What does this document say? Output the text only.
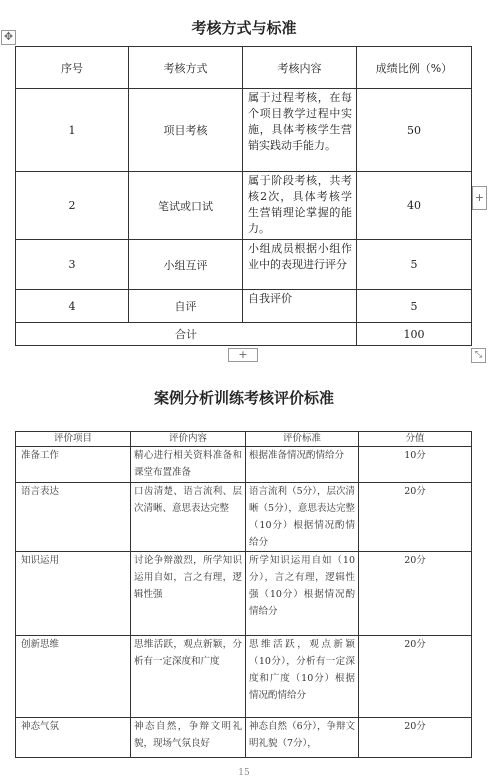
✥	考核方式与标准
序号	考核方式	考核内容	成绩比例（%）
1	项目考核	属于过程考核，在每个项目教学过程中实施，具体考核学生营销实践动手能力。	50
2	笔试或口试	属于阶段考核，共考核2次，具体考核学生营销理论掌握的能力。	40
3	小组互评	小组成员根据小组作业中的表现进行评分	5
4	自评	自我评价	5
合计			100
+
+
⤡
案例分析训练考核评价标准
评价项目	评价内容	评价标准	分值
准备工作	精心进行相关资料准备和课堂布置准备	根据准备情况酌情给分	10分
语言表达	口齿清楚、语言流利、层次清晰、意思表达完整	语言流利（5分），层次清晰（5分），意思表达完整（10分）根据情况酌情给分	20分
知识运用	讨论争辩激烈，所学知识运用自如，言之有理，逻辑性强	所学知识运用自如（10分），言之有理，逻辑性强（10分）根据情况酌情给分	20分
创新思维	思维活跃，观点新颖，分析有一定深度和广度	思维活跃，观点新颖（10分），分析有一定深度和广度（10分）根据情况酌情给分	20分
神态气氛	神态自然，争辩文明礼貌，现场气氛良好	神态自然（6分），争辩文明礼貌（7分），	20分
15
